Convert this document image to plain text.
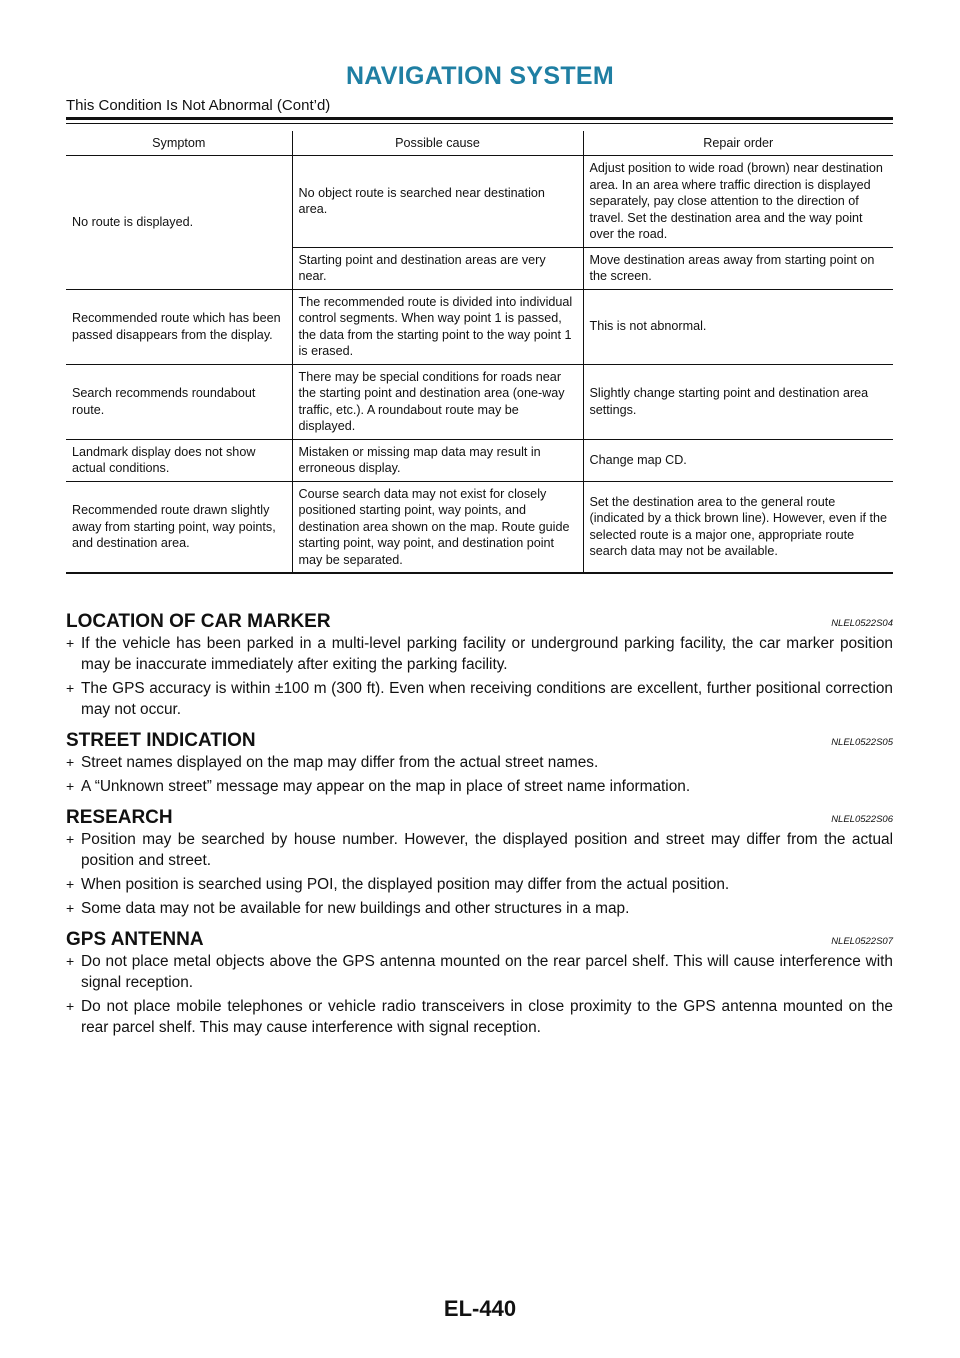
NAVIGATION SYSTEM
This Condition Is Not Abnormal (Cont’d)
Symptom	Possible cause	Repair order
No route is displayed.	No object route is searched near destination area.	Adjust position to wide road (brown) near destination area. In an area where traffic direction is displayed separately, pay close attention to the direction of travel. Set the destination area and the way point over the road.
	Starting point and destination areas are very near.	Move destination areas away from starting point on the screen.
Recommended route which has been passed disappears from the display.	The recommended route is divided into individual control segments. When way point 1 is passed, the data from the starting point to the way point 1 is erased.	This is not abnormal.
Search recommends roundabout route.	There may be special conditions for roads near the starting point and destination area (one-way traffic, etc.). A roundabout route may be displayed.	Slightly change starting point and destination area settings.
Landmark display does not show actual conditions.	Mistaken or missing map data may result in erroneous display.	Change map CD.
Recommended route drawn slightly away from starting point, way points, and destination area.	Course search data may not exist for closely positioned starting point, way points, and destination area shown on the map. Route guide starting point, way point, and destination point may be separated.	Set the destination area to the general route (indicated by a thick brown line). However, even if the selected route is a major one, appropriate route search data may not be available.
LOCATION OF CAR MARKER	NLEL0522S04
+ If the vehicle has been parked in a multi-level parking facility or underground parking facility, the car marker position may be inaccurate immediately after exiting the parking facility.
+ The GPS accuracy is within ±100 m (300 ft). Even when receiving conditions are excellent, further positional correction may not occur.
STREET INDICATION	NLEL0522S05
+ Street names displayed on the map may differ from the actual street names.
+ A “Unknown street” message may appear on the map in place of street name information.
RESEARCH	NLEL0522S06
+ Position may be searched by house number. However, the displayed position and street may differ from the actual position and street.
+ When position is searched using POI, the displayed position may differ from the actual position.
+ Some data may not be available for new buildings and other structures in a map.
GPS ANTENNA	NLEL0522S07
+ Do not place metal objects above the GPS antenna mounted on the rear parcel shelf. This will cause interference with signal reception.
+ Do not place mobile telephones or vehicle radio transceivers in close proximity to the GPS antenna mounted on the rear parcel shelf. This may cause interference with signal reception.
EL-440
